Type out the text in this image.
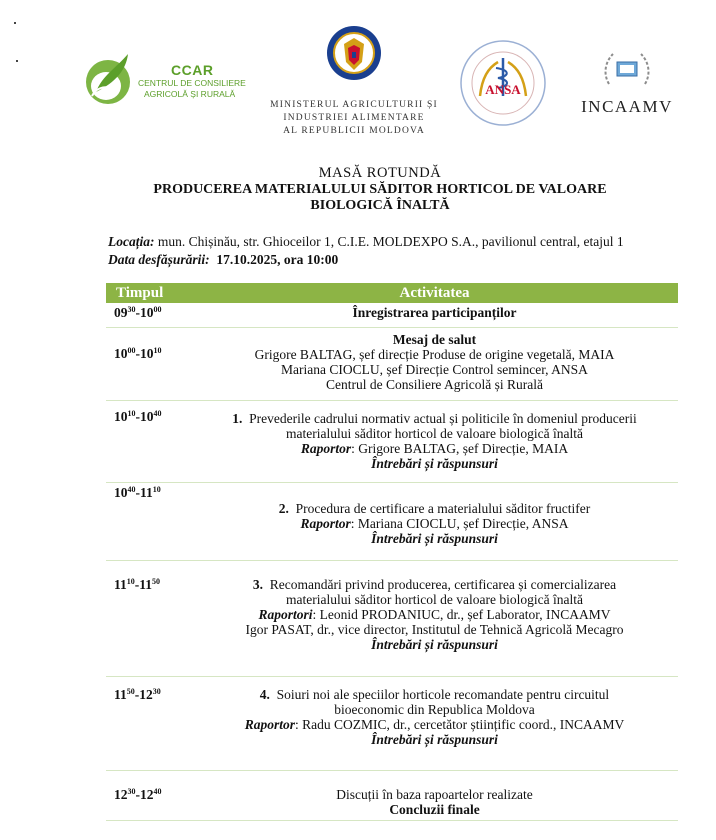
CCAR
CENTRUL DE CONSILIERE
AGRICOLĂ ȘI RURALĂ
MINISTERUL AGRICULTURII ȘI
INDUSTRIEI ALIMENTARE
AL REPUBLICII MOLDOVA
ANSA
INCAAMV
MASĂ ROTUNDĂ
PRODUCEREA MATERIALULUI SĂDITOR HORTICOL DE VALOARE
BIOLOGICĂ ÎNALTĂ
Locația: mun. Chișinău, str. Ghioceilor 1, C.I.E. MOLDEXPO S.A., pavilionul central, etajul 1
Data desfășurării: 17.10.2025, ora 10:00
Timpul	Activitatea
$09^{30}-10^{00}$	Înregistrarea participanților
$10^{00}-10^{10}$	Mesaj de salut
Grigore BALTAG, șef direcție Produse de origine vegetală, MAIA
Mariana CIOCLU, șef Direcție Control semincer, ANSA
Centrul de Consiliere Agricolă și Rurală

$10^{10}-10^{40}$	1. Prevederile cadrului normativ actual și politicile în domeniul producerii
materialului săditor horticol de valoare biologică înaltă
Raportor: Grigore BALTAG, șef Direcție, MAIA
Întrebări și răspunsuri

$10^{40}-11^{10}$	2. Procedura de certificare a materialului săditor fructifer
Raportor: Mariana CIOCLU, șef Direcție, ANSA
Întrebări și răspunsuri

$11^{10}-11^{50}$	3. Recomandări privind producerea, certificarea și comercializarea
materialului săditor horticol de valoare biologică înaltă
Raportori: Leonid PRODANIUC, dr., șef Laborator, INCAAMV
Igor PASAT, dr., vice director, Institutul de Tehnică Agricolă Mecagro
Întrebări și răspunsuri

$11^{50}-12^{30}$	4. Soiuri noi ale speciilor horticole recomandate pentru circuitul
bioeconomic din Republica Moldova
Raportor: Radu COZMIC, dr., cercetător științific coord., INCAAMV
Întrebări și răspunsuri

$12^{30}-12^{40}$	Discuții în baza rapoartelor realizate
Concluzii finale
